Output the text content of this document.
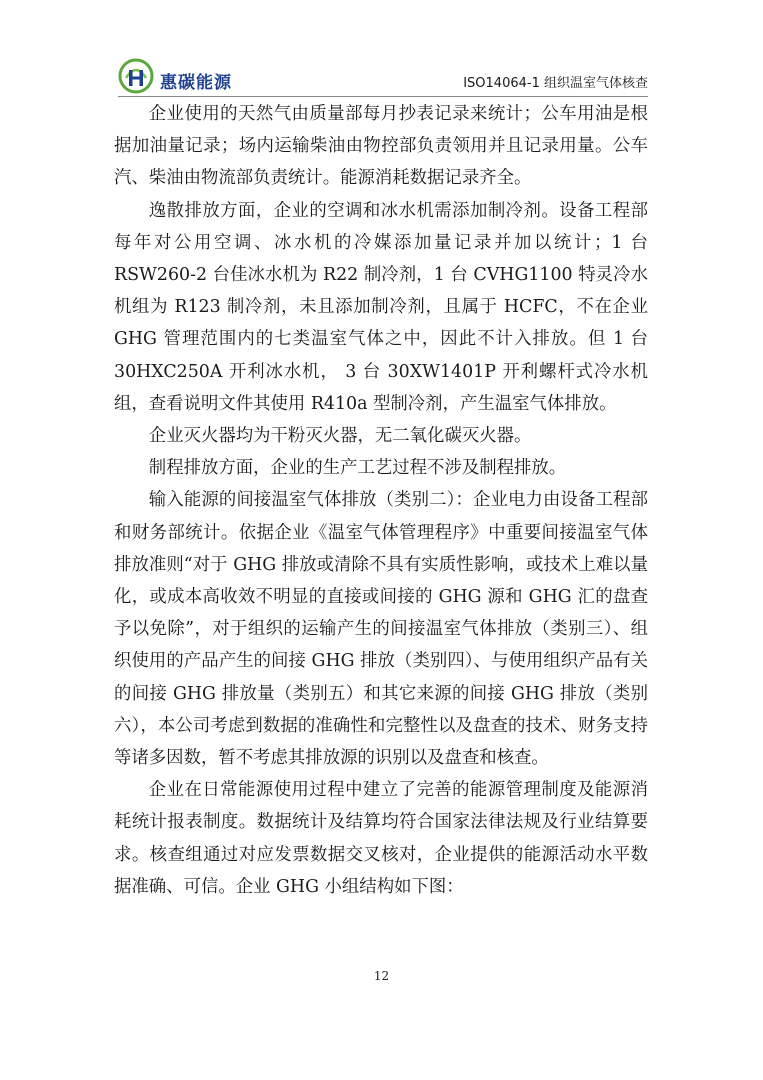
惠碳能源	ISO14064-1 组织温室气体核查

企业使用的天然气由质量部每月抄表记录来统计；公车用油是根据加油量记录；场内运输柴油由物控部负责领用并且记录用量。公车汽、柴油由物流部负责统计。能源消耗数据记录齐全。

逸散排放方面，企业的空调和冰水机需添加制冷剂。设备工程部每年对公用空调、冰水机的冷媒添加量记录并加以统计；1 台 RSW260-2 台佳冰水机为 R22 制冷剂，1 台 CVHG1100 特灵冷水机组为 R123 制冷剂，未且添加制冷剂，且属于 HCFC，不在企业 GHG 管理范围内的七类温室气体之中，因此不计入排放。但 1 台 30HXC250A 开利冰水机， 3 台 30XW1401P 开利螺杆式冷水机组，查看说明文件其使用 R410a 型制冷剂，产生温室气体排放。

企业灭火器均为干粉灭火器，无二氧化碳灭火器。

制程排放方面，企业的生产工艺过程不涉及制程排放。

输入能源的间接温室气体排放（类别二）：企业电力由设备工程部和财务部统计。依据企业《温室气体管理程序》中重要间接温室气体排放准则“对于 GHG 排放或清除不具有实质性影响，或技术上难以量化，或成本高收效不明显的直接或间接的 GHG 源和 GHG 汇的盘查予以免除”，对于组织的运输产生的间接温室气体排放（类别三）、组织使用的产品产生的间接 GHG 排放（类别四）、与使用组织产品有关的间接 GHG 排放量（类别五）和其它来源的间接 GHG 排放（类别六），本公司考虑到数据的准确性和完整性以及盘查的技术、财务支持等诸多因数，暂不考虑其排放源的识别以及盘查和核查。

企业在日常能源使用过程中建立了完善的能源管理制度及能源消耗统计报表制度。数据统计及结算均符合国家法律法规及行业结算要求。核查组通过对应发票数据交叉核对，企业提供的能源活动水平数据准确、可信。企业 GHG 小组结构如下图：

12
